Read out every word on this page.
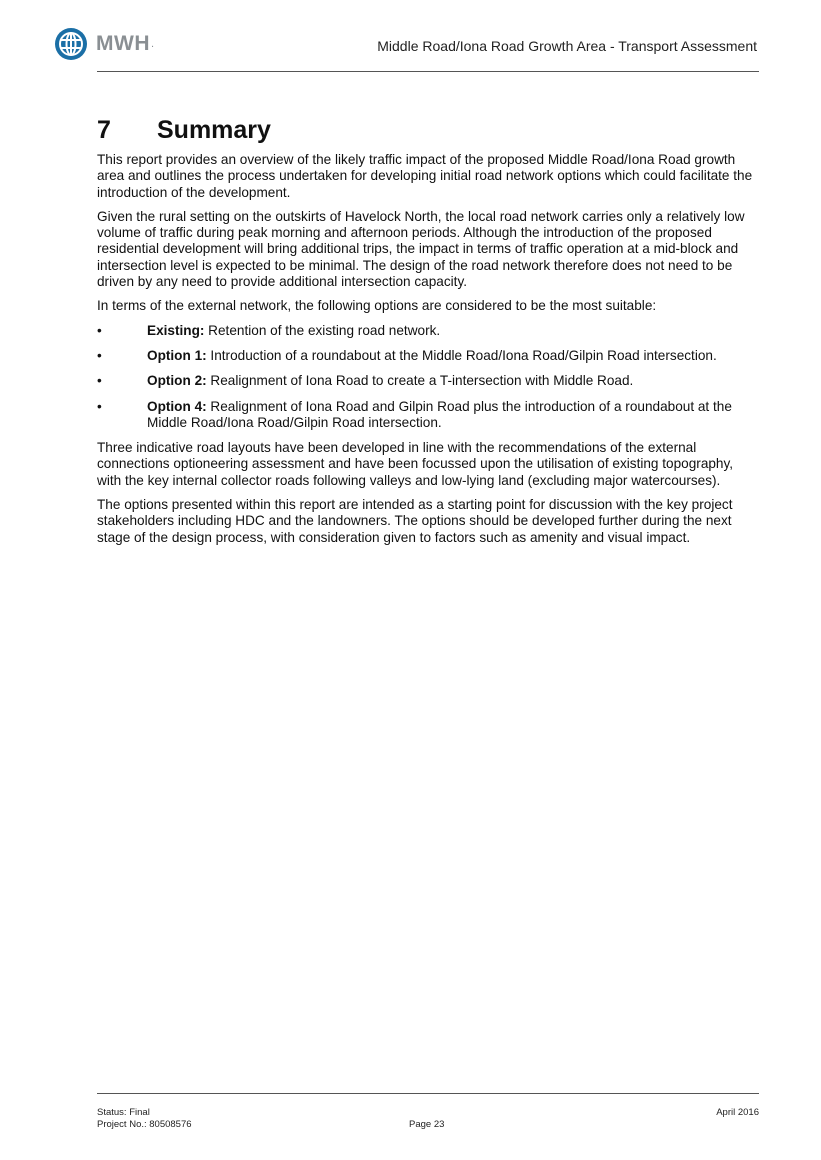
MWH .	Middle Road/Iona Road Growth Area - Transport Assessment
7	Summary

This report provides an overview of the likely traffic impact of the proposed Middle Road/Iona Road growth area and outlines the process undertaken for developing initial road network options which could facilitate the introduction of the development.

Given the rural setting on the outskirts of Havelock North, the local road network carries only a relatively low volume of traffic during peak morning and afternoon periods. Although the introduction of the proposed residential development will bring additional trips, the impact in terms of traffic operation at a mid-block and intersection level is expected to be minimal. The design of the road network therefore does not need to be driven by any need to provide additional intersection capacity.

In terms of the external network, the following options are considered to be the most suitable:

•	Existing: Retention of the existing road network.
•	Option 1: Introduction of a roundabout at the Middle Road/Iona Road/Gilpin Road intersection.
•	Option 2: Realignment of Iona Road to create a T-intersection with Middle Road.
•	Option 4: Realignment of Iona Road and Gilpin Road plus the introduction of a roundabout at the Middle Road/Iona Road/Gilpin Road intersection.

Three indicative road layouts have been developed in line with the recommendations of the external connections optioneering assessment and have been focussed upon the utilisation of existing topography, with the key internal collector roads following valleys and low-lying land (excluding major watercourses).

The options presented within this report are intended as a starting point for discussion with the key project stakeholders including HDC and the landowners. The options should be developed further during the next stage of the design process, with consideration given to factors such as amenity and visual impact.

Status: Final
Project No.: 80508576	Page 23
April 2016
